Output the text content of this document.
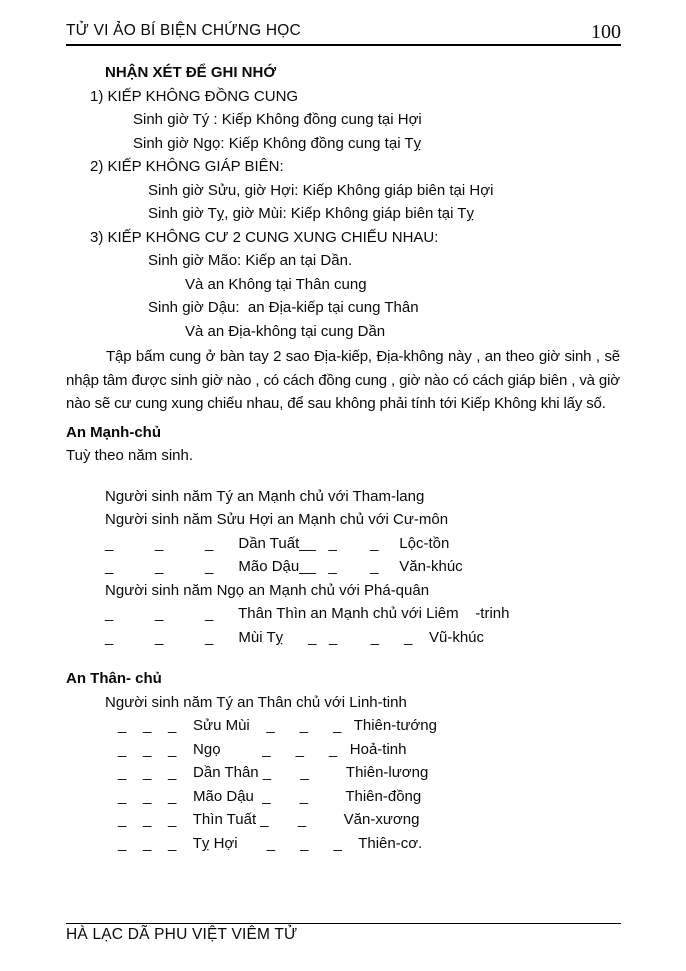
TỬ VI ẢO BÍ BIỆN CHỨNG HỌC	100
NHẬN XÉT ĐỂ GHI NHỚ
1) KIẾP KHÔNG ĐỒNG CUNG
Sinh giờ Tý : Kiếp Không đồng cung tại Hợi
Sinh giờ Ngọ: Kiếp Không đồng cung tại Tỵ
2) KIẾP KHÔNG GIÁP BIÊN:
Sinh giờ Sửu, giờ Hợi: Kiếp Không giáp biên tại Hợi
Sinh giờ Tỵ, giờ Mùi: Kiếp Không giáp biên tại Tỵ
3) KIẾP KHÔNG CƯ 2 CUNG XUNG CHIẾU NHAU:
Sinh giờ Mão: Kiếp an tại Dần.
Và an Không tại Thân cung
Sinh giờ Dậu:  an Địa-kiếp tại cung Thân
Và an Địa-không tại cung Dần
Tập bấm cung ở bàn tay 2 sao Địa-kiếp, Địa-không này , an theo giờ sinh , sẽ nhập tâm được sinh giờ nào , có cách đồng cung , giờ nào có cách giáp biên , và giờ nào sẽ cư cung xung chiếu nhau, để sau không phải tính tới Kiếp Không khi lấy số.
An Mạnh-chủ
Tuỳ theo năm sinh.
Người sinh năm Tý an Mạnh chủ với Tham-lang
Người sinh năm Sửu Hợi an Mạnh chủ với Cư-môn
_          _          _      Dần Tuất__   _        _     Lộc-tồn
_          _          _      Mão Dậu__   _        _     Văn-khúc
Người sinh năm Ngọ an Mạnh chủ với Phá-quân
_          _          _      Thân Thìn an Mạnh chủ với Liêm    -trinh
_          _          _      Mùi Tỵ      _   _        _      _    Vũ-khúc
An Thân- chủ
Người sinh năm Tý an Thân chủ với Linh-tinh
_    _    _    Sửu Mùi    _      _      _   Thiên-tướng
_    _    _    Ngọ          _      _      _   Hoả-tinh
_    _    _    Dần Thân _       _         Thiên-lương
_    _    _    Mão Dậu  _       _         Thiên-đồng
_    _    _    Thìn Tuất _       _         Văn-xương
_    _    _    Tỵ Hợi       _      _      _    Thiên-cơ.
HÀ LẠC DÃ PHU VIỆT VIÊM TỬ
